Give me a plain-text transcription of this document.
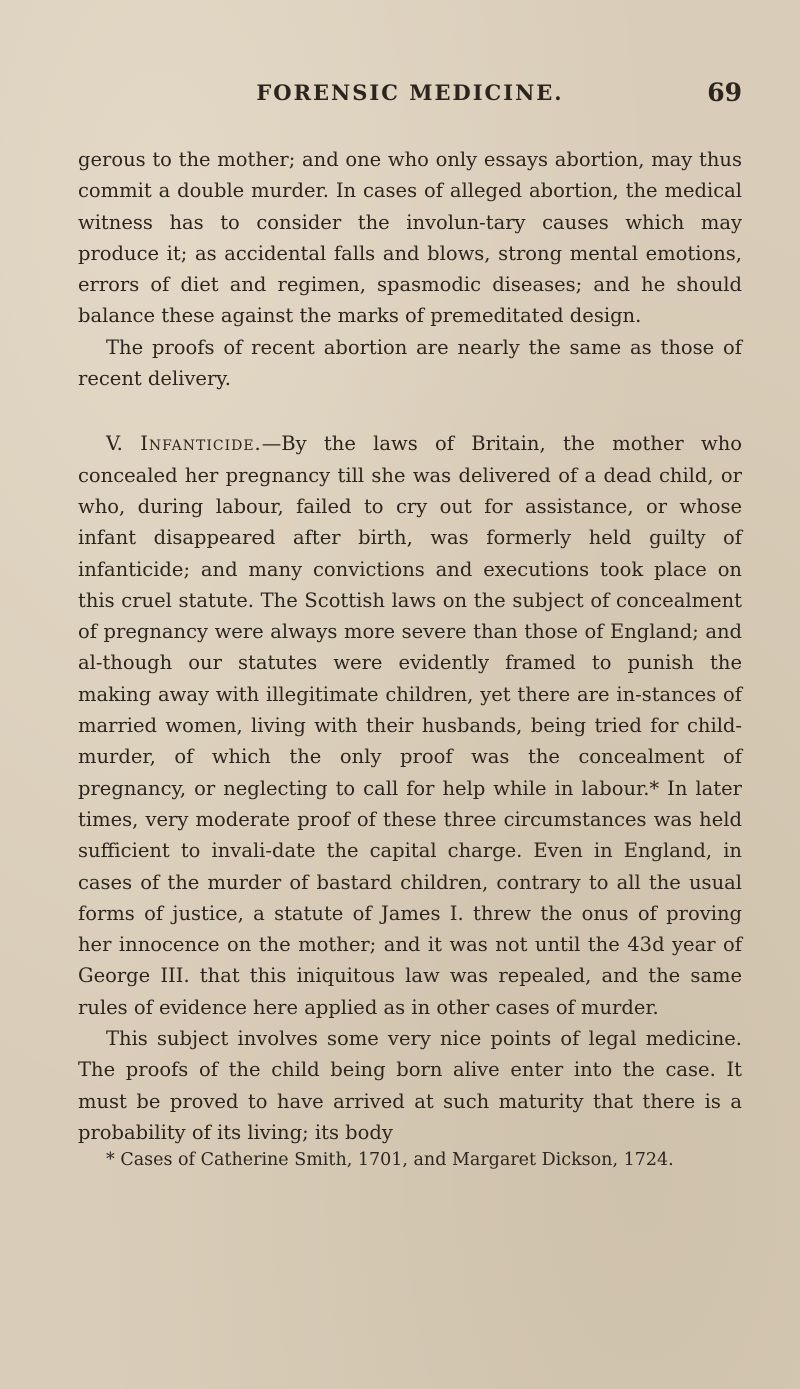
FORENSIC MEDICINE.	69

gerous to the mother; and one who only essays abortion, may thus commit a double murder. In cases of alleged abortion, the medical witness has to consider the involun-tary causes which may produce it; as accidental falls and blows, strong mental emotions, errors of diet and regimen, spasmodic diseases; and he should balance these against the marks of premeditated design.

The proofs of recent abortion are nearly the same as those of recent delivery.

V. Infanticide.—By the laws of Britain, the mother who concealed her pregnancy till she was delivered of a dead child, or who, during labour, failed to cry out for assistance, or whose infant disappeared after birth, was formerly held guilty of infanticide; and many convictions and executions took place on this cruel statute. The Scottish laws on the subject of concealment of pregnancy were always more severe than those of England; and al-though our statutes were evidently framed to punish the making away with illegitimate children, yet there are in-stances of married women, living with their husbands, being tried for child-murder, of which the only proof was the concealment of pregnancy, or neglecting to call for help while in labour.* In later times, very moderate proof of these three circumstances was held sufficient to invali-date the capital charge. Even in England, in cases of the murder of bastard children, contrary to all the usual forms of justice, a statute of James I. threw the onus of proving her innocence on the mother; and it was not until the 43d year of George III. that this iniquitous law was repealed, and the same rules of evidence here applied as in other cases of murder.

This subject involves some very nice points of legal medicine. The proofs of the child being born alive enter into the case. It must be proved to have arrived at such maturity that there is a probability of its living; its body

* Cases of Catherine Smith, 1701, and Margaret Dickson, 1724.
